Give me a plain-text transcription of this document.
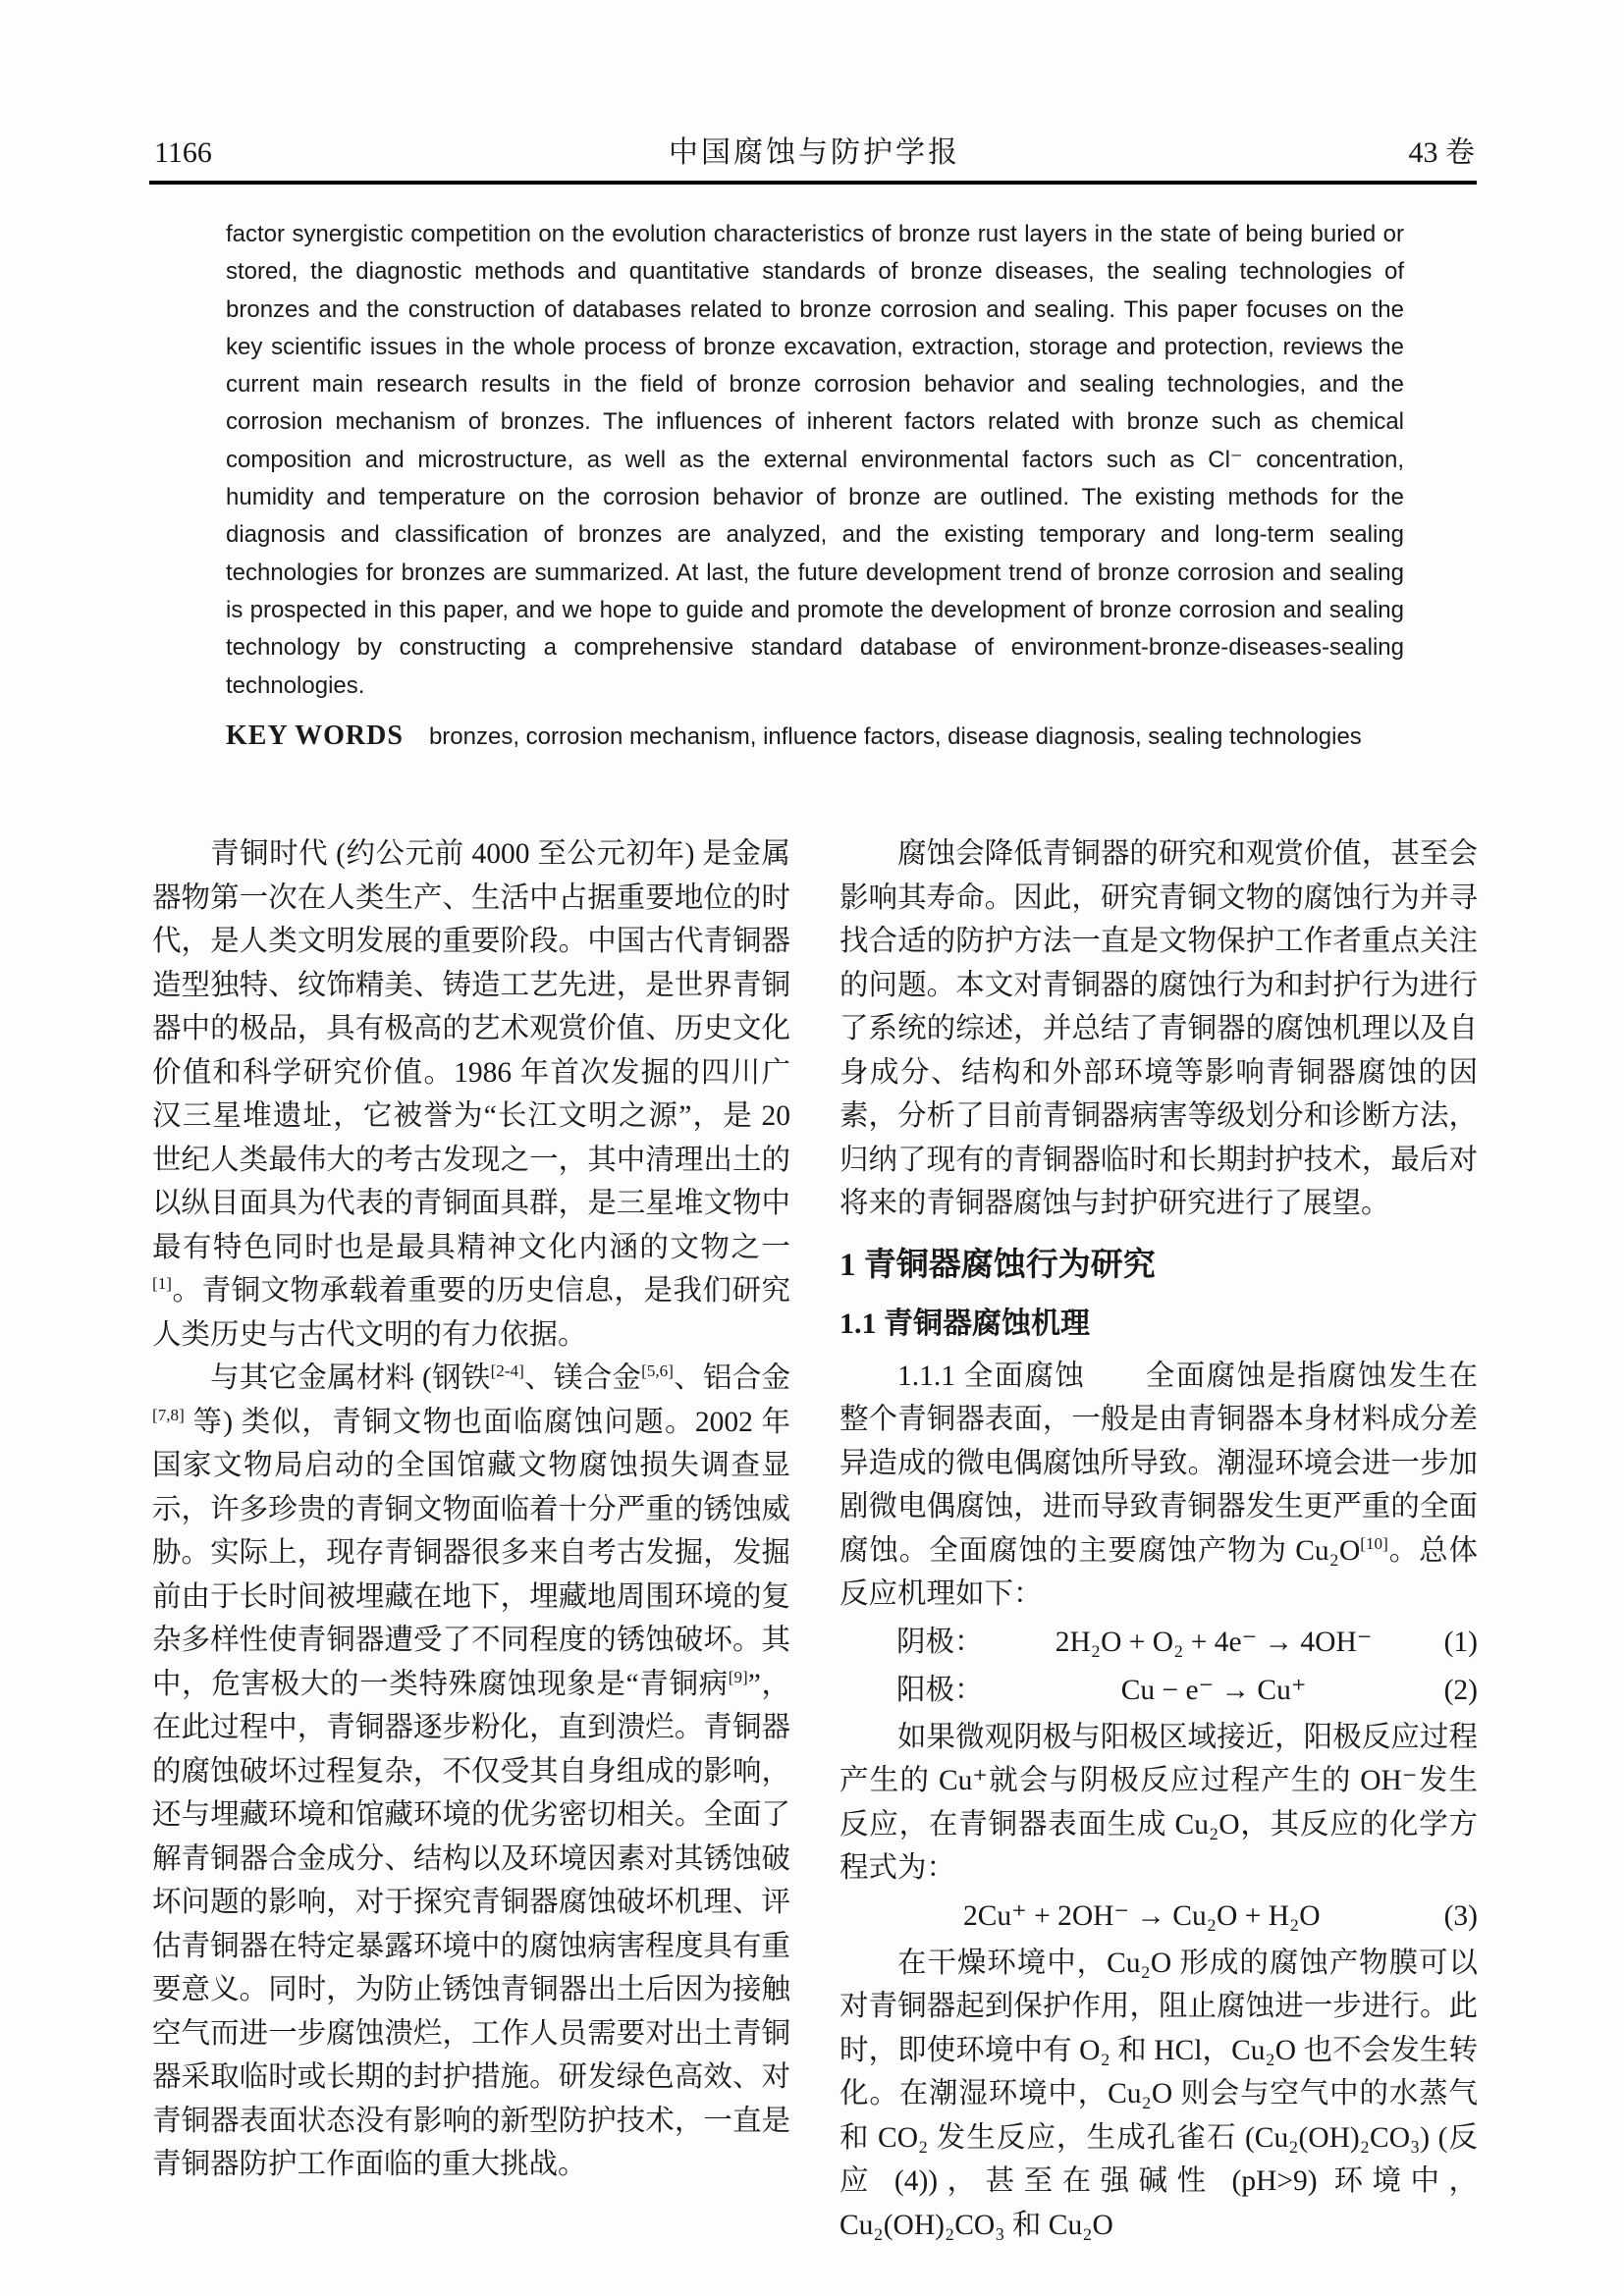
1166	中国腐蚀与防护学报	43 卷

factor synergistic competition on the evolution characteristics of bronze rust layers in the state of being buried or stored, the diagnostic methods and quantitative standards of bronze diseases, the sealing technologies of bronzes and the construction of databases related to bronze corrosion and sealing. This paper focuses on the key scientific issues in the whole process of bronze excavation, extraction, storage and protection, reviews the current main research results in the field of bronze corrosion behavior and sealing technologies, and the corrosion mechanism of bronzes. The influences of inherent factors related with bronze such as chemical composition and microstructure, as well as the external environmental factors such as Cl⁻ concentration, humidity and temperature on the corrosion behavior of bronze are outlined. The existing methods for the diagnosis and classification of bronzes are analyzed, and the existing temporary and long-term sealing technologies for bronzes are summarized. At last, the future development trend of bronze corrosion and sealing is prospected in this paper, and we hope to guide and promote the development of bronze corrosion and sealing technology by constructing a comprehensive standard database of environment-bronze-diseases-sealing technologies.

KEY WORDS bronzes, corrosion mechanism, influence factors, disease diagnosis, sealing technologies

青铜时代 (约公元前 4000 至公元初年) 是金属器物第一次在人类生产、生活中占据重要地位的时代，是人类文明发展的重要阶段。中国古代青铜器造型独特、纹饰精美、铸造工艺先进，是世界青铜器中的极品，具有极高的艺术观赏价值、历史文化价值和科学研究价值。1986 年首次发掘的四川广汉三星堆遗址，它被誉为“长江文明之源”，是 20 世纪人类最伟大的考古发现之一，其中清理出土的以纵目面具为代表的青铜面具群，是三星堆文物中最有特色同时也是最具精神文化内涵的文物之一[1]。青铜文物承载着重要的历史信息，是我们研究人类历史与古代文明的有力依据。

与其它金属材料 (钢铁[2-4]、镁合金[5,6]、铝合金[7,8] 等) 类似，青铜文物也面临腐蚀问题。2002 年国家文物局启动的全国馆藏文物腐蚀损失调查显示，许多珍贵的青铜文物面临着十分严重的锈蚀威胁。实际上，现存青铜器很多来自考古发掘，发掘前由于长时间被埋藏在地下，埋藏地周围环境的复杂多样性使青铜器遭受了不同程度的锈蚀破坏。其中，危害极大的一类特殊腐蚀现象是“青铜病[9]”，在此过程中，青铜器逐步粉化，直到溃烂。青铜器的腐蚀破坏过程复杂，不仅受其自身组成的影响，还与埋藏环境和馆藏环境的优劣密切相关。全面了解青铜器合金成分、结构以及环境因素对其锈蚀破坏问题的影响，对于探究青铜器腐蚀破坏机理、评估青铜器在特定暴露环境中的腐蚀病害程度具有重要意义。同时，为防止锈蚀青铜器出土后因为接触空气而进一步腐蚀溃烂，工作人员需要对出土青铜器采取临时或长期的封护措施。研发绿色高效、对青铜器表面状态没有影响的新型防护技术，一直是青铜器防护工作面临的重大挑战。

腐蚀会降低青铜器的研究和观赏价值，甚至会影响其寿命。因此，研究青铜文物的腐蚀行为并寻找合适的防护方法一直是文物保护工作者重点关注的问题。本文对青铜器的腐蚀行为和封护行为进行了系统的综述，并总结了青铜器的腐蚀机理以及自身成分、结构和外部环境等影响青铜器腐蚀的因素，分析了目前青铜器病害等级划分和诊断方法，归纳了现有的青铜器临时和长期封护技术，最后对将来的青铜器腐蚀与封护研究进行了展望。

1 青铜器腐蚀行为研究
1.1 青铜器腐蚀机理

1.1.1 全面腐蚀　　全面腐蚀是指腐蚀发生在整个青铜器表面，一般是由青铜器本身材料成分差异造成的微电偶腐蚀所导致。潮湿环境会进一步加剧微电偶腐蚀，进而导致青铜器发生更严重的全面腐蚀。全面腐蚀的主要腐蚀产物为 Cu₂O[10]。总体反应机理如下：

阴极：	2H₂O + O₂ + 4e⁻ → 4OH⁻	(1)
阳极：	Cu − e⁻ → Cu⁺	(2)

如果微观阴极与阳极区域接近，阳极反应过程产生的 Cu⁺就会与阴极反应过程产生的 OH⁻发生反应，在青铜器表面生成 Cu₂O，其反应的化学方程式为：

2Cu⁺ + 2OH⁻ → Cu₂O + H₂O	(3)

在干燥环境中，Cu₂O 形成的腐蚀产物膜可以对青铜器起到保护作用，阻止腐蚀进一步进行。此时，即使环境中有 O₂ 和 HCl，Cu₂O 也不会发生转化。在潮湿环境中，Cu₂O 则会与空气中的水蒸气和 CO₂ 发生反应，生成孔雀石 (Cu₂(OH)₂CO₃) (反应 (4))，甚至在强碱性 (pH>9) 环境中，Cu₂(OH)₂CO₃ 和 Cu₂O
